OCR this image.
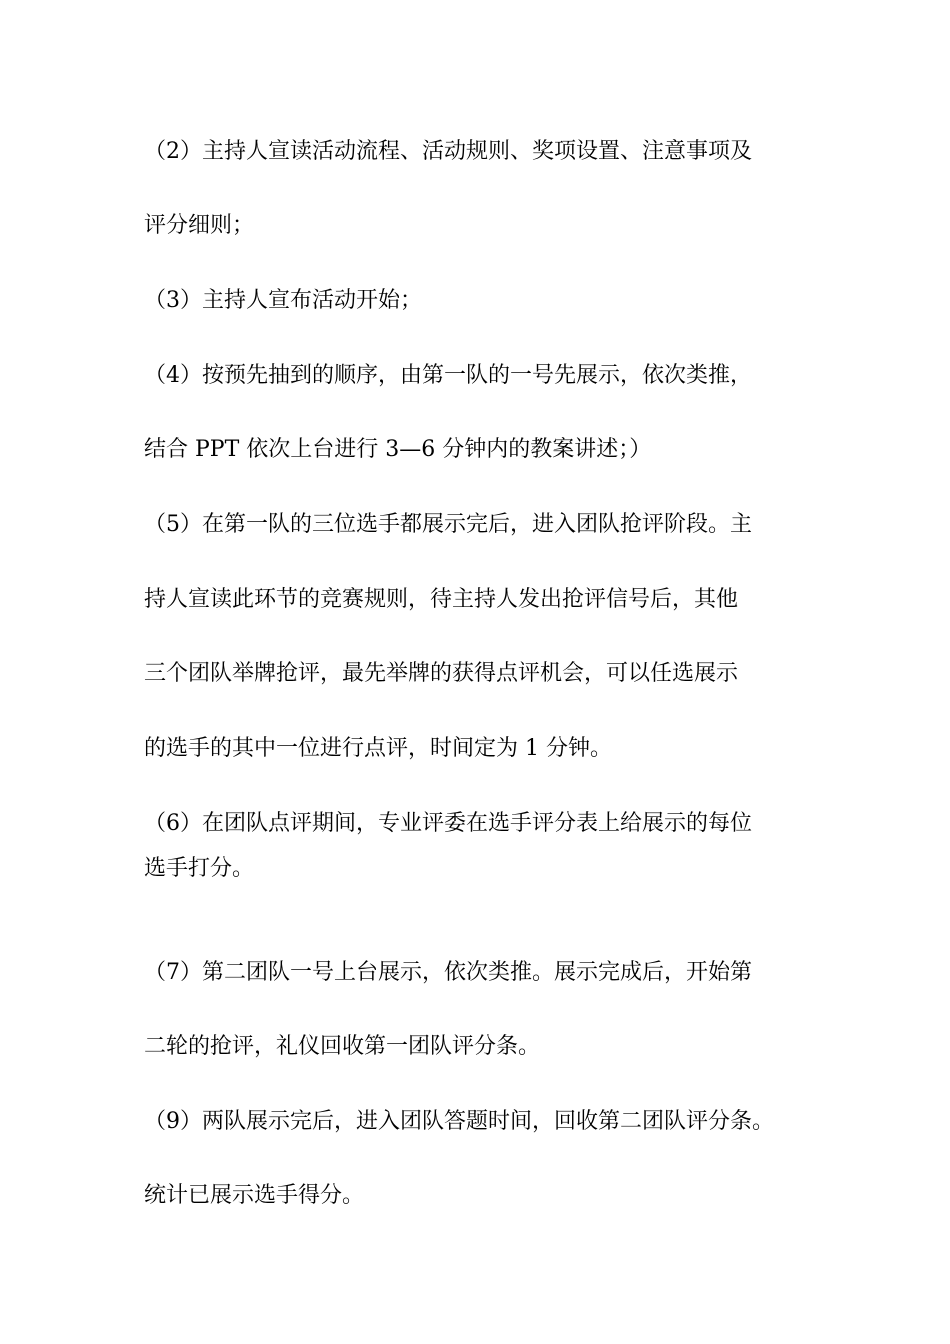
（2）主持人宣读活动流程、活动规则、奖项设置、注意事项及
评分细则；
（3）主持人宣布活动开始；
（4）按预先抽到的顺序，由第一队的一号先展示，依次类推，
结合 PPT 依次上台进行 3—6 分钟内的教案讲述；）
（5）在第一队的三位选手都展示完后，进入团队抢评阶段。主
持人宣读此环节的竞赛规则，待主持人发出抢评信号后，其他
三个团队举牌抢评，最先举牌的获得点评机会，可以任选展示
的选手的其中一位进行点评，时间定为 1 分钟。
（6）在团队点评期间，专业评委在选手评分表上给展示的每位
选手打分。
（7）第二团队一号上台展示，依次类推。展示完成后，开始第
二轮的抢评，礼仪回收第一团队评分条。
（9）两队展示完后，进入团队答题时间，回收第二团队评分条。
统计已展示选手得分。
